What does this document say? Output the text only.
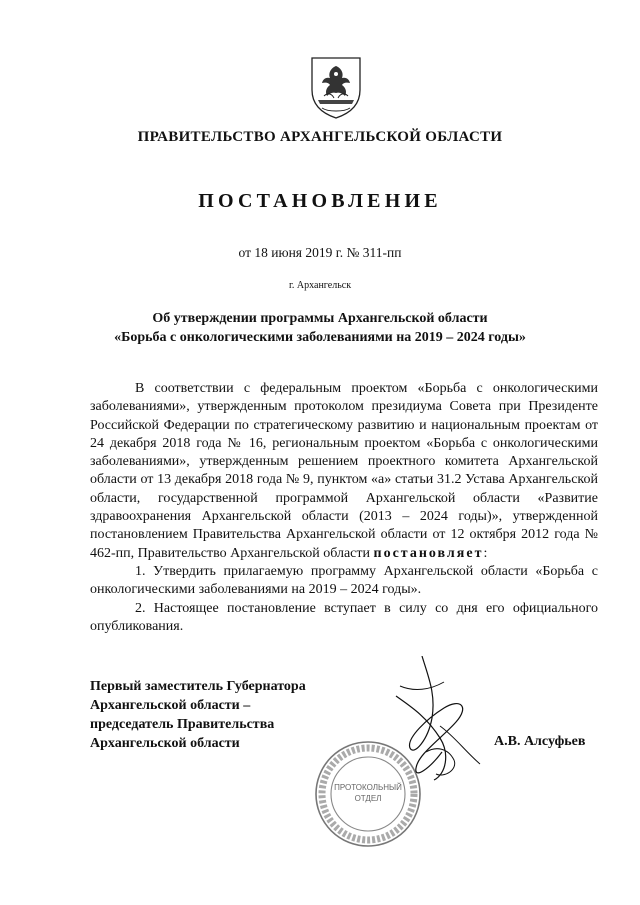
ПРАВИТЕЛЬСТВО АРХАНГЕЛЬСКОЙ ОБЛАСТИ
ПОСТАНОВЛЕНИЕ
от 18 июня 2019 г. № 311-пп
г. Архангельск
Об утверждении программы Архангельской области
«Борьба с онкологическими заболеваниями на 2019 – 2024 годы»

В соответствии с федеральным проектом «Борьба с онкологическими заболеваниями», утвержденным протоколом президиума Совета при Президенте Российской Федерации по стратегическому развитию и национальным проектам от 24 декабря 2018 года № 16, региональным проектом «Борьба с онкологическими заболеваниями», утвержденным решением проектного комитета Архангельской области от 13 декабря 2018 года № 9, пунктом «а» статьи 31.2 Устава Архангельской области, государственной программой Архангельской области «Развитие здравоохранения Архангельской области (2013 – 2024 годы)», утвержденной постановлением Правительства Архангельской области от 12 октября 2012 года № 462-пп, Правительство Архангельской области постановляет:

1. Утвердить прилагаемую программу Архангельской области «Борьба с онкологическими заболеваниями на 2019 – 2024 годы».

2. Настоящее постановление вступает в силу со дня его официального опубликования.

Первый заместитель Губернатора
Архангельской области –
председатель Правительства
Архангельской области
ПРОТОКОЛЬНЫЙ
ОТДЕЛ
А.В. Алсуфьев
